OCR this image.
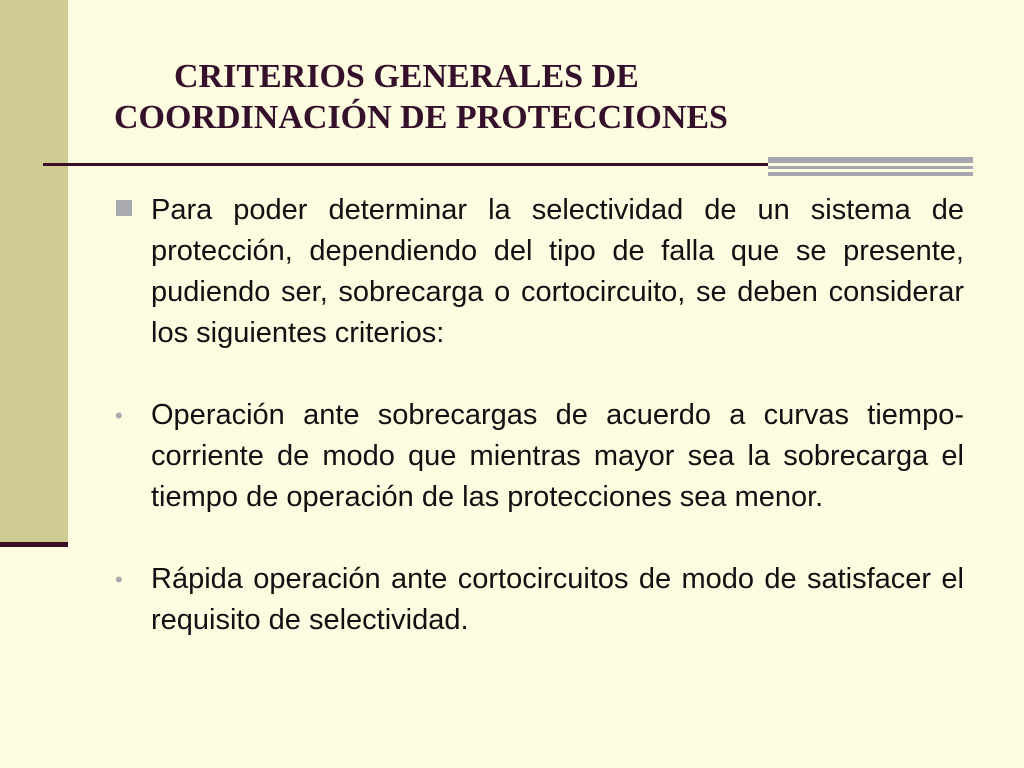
CRITERIOS GENERALES DE
COORDINACIÓN DE PROTECCIONES

Para poder determinar la selectividad de un sistema de protección, dependiendo del tipo de falla que se presente, pudiendo ser, sobrecarga o cortocircuito, se deben considerar los siguientes criterios:

• Operación ante sobrecargas de acuerdo a curvas tiempo-corriente de modo que mientras mayor sea la sobrecarga el tiempo de operación de las protecciones sea menor.

• Rápida operación ante cortocircuitos de modo de satisfacer el requisito de selectividad.
